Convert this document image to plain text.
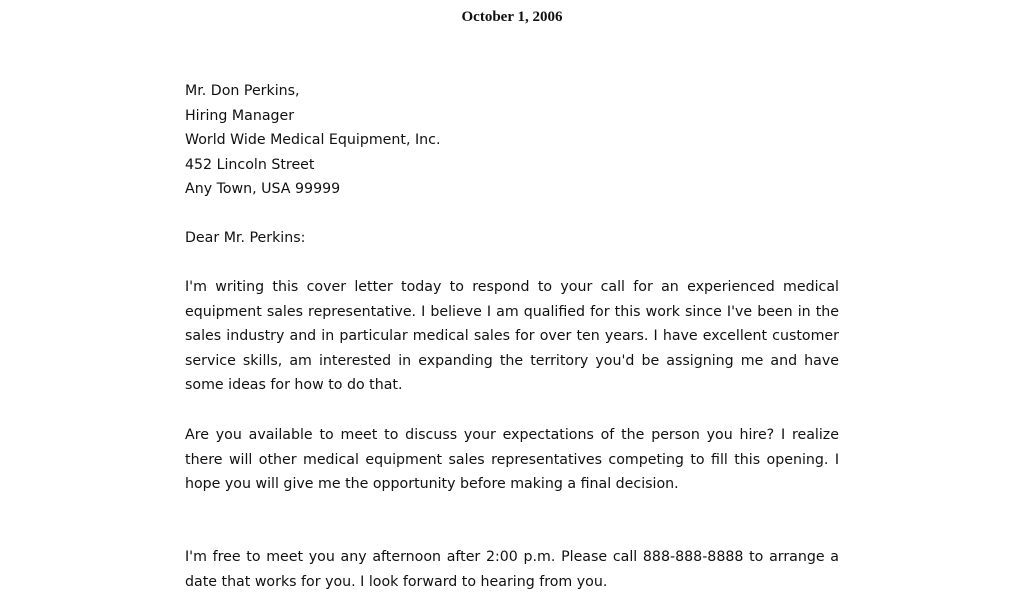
October 1, 2006
Mr. Don Perkins,
Hiring Manager
World Wide Medical Equipment, Inc.
452 Lincoln Street
Any Town, USA 99999
Dear Mr. Perkins:
I'm writing this cover letter today to respond to your call for an experienced medical equipment sales representative. I believe I am qualified for this work since I've been in the sales industry and in particular medical sales for over ten years. I have excellent customer service skills, am interested in expanding the territory you'd be assigning me and have some ideas for how to do that.
Are you available to meet to discuss your expectations of the person you hire? I realize there will other medical equipment sales representatives competing to fill this opening. I hope you will give me the opportunity before making a final decision.
I'm free to meet you any afternoon after 2:00 p.m. Please call 888-888-8888 to arrange a date that works for you. I look forward to hearing from you.
